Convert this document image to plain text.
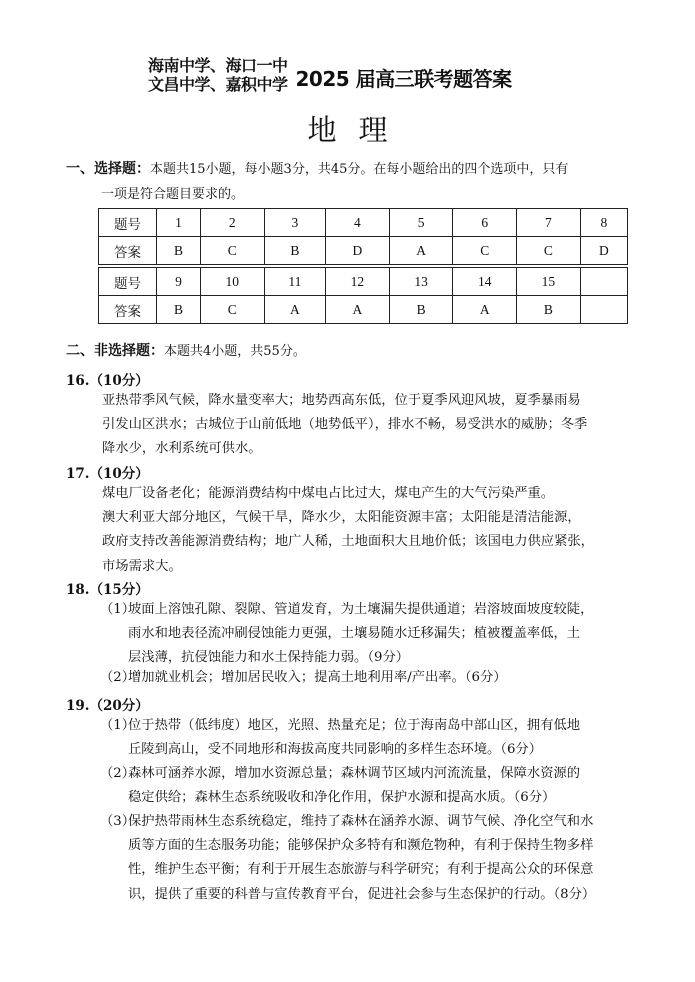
海南中学、海口一中
文昌中学、嘉积中学 2025 届高三联考题答案
地理
一、选择题：本题共15小题，每小题3分，共45分。在每小题给出的四个选项中，只有
一项是符合题目要求的。
题号	1	2	3	4	5	6	7	8
答案	B	C	B	D	A	C	C	D

题号	9	10	11	12	13	14	15	
答案	B	C	A	A	B	A	B	
二、非选择题：本题共4小题，共55分。
16.（10分）
亚热带季风气候，降水量变率大；地势西高东低，位于夏季风迎风坡，夏季暴雨易
引发山区洪水；古城位于山前低地（地势低平），排水不畅，易受洪水的威胁；冬季
降水少，水利系统可供水。
17.（10分）
煤电厂设备老化；能源消费结构中煤电占比过大，煤电产生的大气污染严重。
澳大利亚大部分地区，气候干旱，降水少，太阳能资源丰富；太阳能是清洁能源，
政府支持改善能源消费结构；地广人稀，土地面积大且地价低；该国电力供应紧张，
市场需求大。
18.（15分）
（1）
坡面上溶蚀孔隙、裂隙、管道发育，为土壤漏失提供通道；岩溶坡面坡度较陡，
雨水和地表径流冲刷侵蚀能力更强，土壤易随水迁移漏失；植被覆盖率低，土
层浅薄，抗侵蚀能力和水土保持能力弱。（9分）
（2）
增加就业机会；增加居民收入；提高土地利用率/产出率。（6分）
19.（20分）
（1）
位于热带（低纬度）地区，光照、热量充足；位于海南岛中部山区，拥有低地
丘陵到高山，受不同地形和海拔高度共同影响的多样生态环境。（6分）
（2）
森林可涵养水源，增加水资源总量；森林调节区域内河流流量，保障水资源的
稳定供给；森林生态系统吸收和净化作用，保护水源和提高水质。（6分）
（3）
保护热带雨林生态系统稳定，维持了森林在涵养水源、调节气候、净化空气和水
质等方面的生态服务功能；能够保护众多特有和濒危物种，有利于保持生物多样
性，维护生态平衡；有利于开展生态旅游与科学研究；有利于提高公众的环保意
识，提供了重要的科普与宣传教育平台，促进社会参与生态保护的行动。（8分）
